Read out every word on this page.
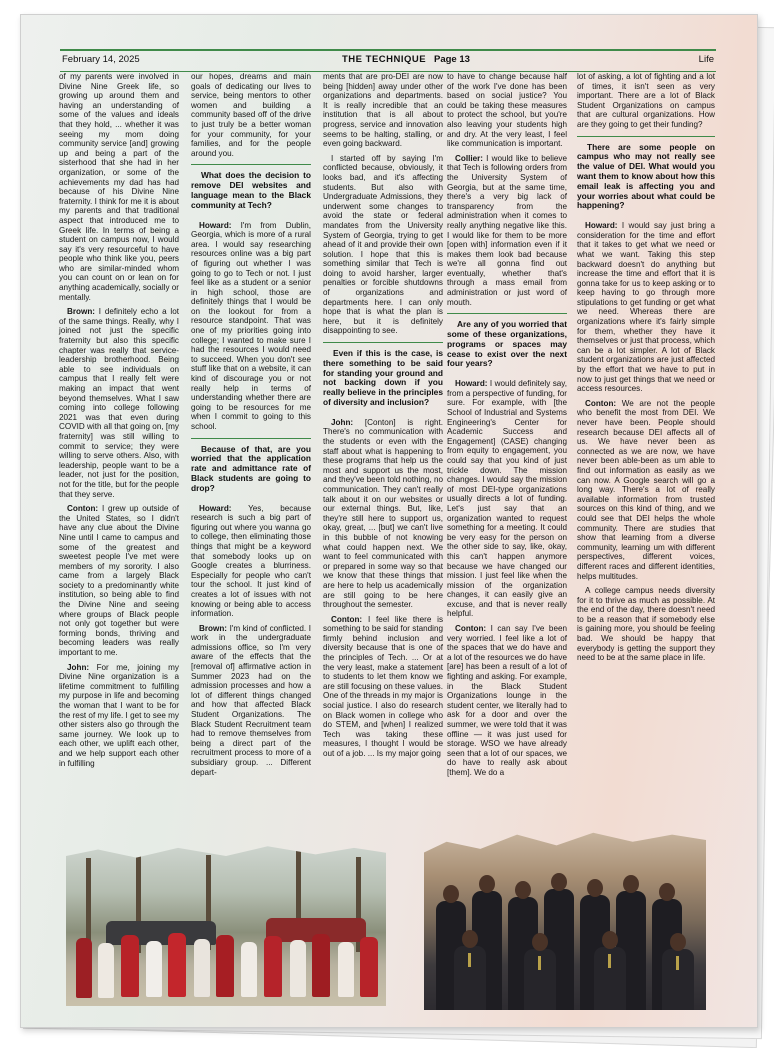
February 14, 2025	THE TECHNIQUE Page 13	Life

of my parents were involved in Divine Nine Greek life, so growing up around them and having an understanding of some of the values and ideals that they hold, ... whether it was seeing my mom doing community service [and] growing up and being a part of the sisterhood that she had in her organization, or some of the achievements my dad has had because of his Divine Nine fraternity. I think for me it is about my parents and that traditional aspect that introduced me to Greek life. In terms of being a student on campus now, I would say it's very resourceful to have people who think like you, peers who are similar-minded whom you can count on or lean on for anything academically, socially or mentally.

Brown: I definitely echo a lot of the same things. Really, why I joined not just the specific fraternity but also this specific chapter was really that service-leadership brotherhood. Being able to see individuals on campus that I really felt were making an impact that went beyond themselves. What I saw coming into college following 2021 was that even during COVID with all that going on, [my fraternity] was still willing to commit to service; they were willing to serve others. Also, with leadership, people want to be a leader, not just for the position, not for the title, but for the people that they serve.

Conton: I grew up outside of the United States, so I didn't have any clue about the Divine Nine until I came to campus and some of the greatest and sweetest people I've met were members of my sorority. I also came from a largely Black society to a predominantly white institution, so being able to find the Divine Nine and seeing where groups of Black people not only got together but were forming bonds, thriving and becoming leaders was really important to me.

John: For me, joining my Divine Nine organization is a lifetime commitment to fulfilling my purpose in life and becoming the woman that I want to be for the rest of my life. I get to see my other sisters also go through the same journey. We look up to each other, we uplift each other, and we help support each other in fulfilling

our hopes, dreams and main goals of dedicating our lives to service, being mentors to other women and building a community based off of the drive to just truly be a better woman for your community, for your families, and for the people around you.

What does the decision to remove DEI websites and language mean to the Black community at Tech?

Howard: I'm from Dublin, Georgia, which is more of a rural area. I would say researching resources online was a big part of figuring out whether I was going to go to Tech or not. I just feel like as a student or a senior in high school, those are definitely things that I would be on the lookout for from a resource standpoint. That was one of my priorities going into college; I wanted to make sure I had the resources I would need to succeed. When you don't see stuff like that on a website, it can kind of discourage you or not really help in terms of understanding whether there are going to be resources for me when I commit to going to this school.

Because of that, are you worried that the application rate and admittance rate of Black students are going to drop?

Howard: Yes, because research is such a big part of figuring out where you wanna go to college, then eliminating those things that might be a keyword that somebody looks up on Google creates a blurriness. Especially for people who can't tour the school. It just kind of creates a lot of issues with not knowing or being able to access information.

Brown: I'm kind of conflicted. I work in the undergraduate admissions office, so I'm very aware of the effects that the [removal of] affirmative action in Summer 2023 had on the admission processes and how a lot of different things changed and how that affected Black Student Organizations. The Black Student Recruitment team had to remove themselves from being a direct part of the recruitment process to more of a subsidiary group. ... Different depart-

ments that are pro-DEI are now being [hidden] away under other organizations and departments. It is really incredible that an institution that is all about progress, service and innovation seems to be halting, stalling, or even going backward.

I started off by saying I'm conflicted because, obviously, it looks bad, and it's affecting students. But also with Undergraduate Admissions, they underwent some changes to avoid the state or federal mandates from the University System of Georgia, trying to get ahead of it and provide their own solution. I hope that this is something similar that Tech is doing to avoid harsher, larger penalties or forcible shutdowns of organizations and departments here. I can only hope that is what the plan is here, but it is definitely disappointing to see.

Even if this is the case, is there something to be said for standing your ground and not backing down if you really believe in the principles of diversity and inclusion?

John: [Conton] is right. There's no communication with the students or even with the staff about what is happening to these programs that help us the most and support us the most, and they've been told nothing, no communication. They can't really talk about it on our websites or our external things. But, like, they're still here to support us, okay, great, ... [but] we can't live in this bubble of not knowing what could happen next. We want to feel communicated with or prepared in some way so that we know that these things that are here to help us academically are still going to be here throughout the semester.

Conton: I feel like there is something to be said for standing firmly behind inclusion and diversity because that is one of the principles of Tech. ... Or at the very least, make a statement to students to let them know we are still focusing on these values. One of the threads in my major is social justice. I also do research on Black women in college who do STEM, and [when] I realized Tech was taking these measures, I thought I would be out of a job. ... Is my major going

to have to change because half of the work I've done has been based on social justice? You could be taking these measures to protect the school, but you're also leaving your students high and dry. At the very least, I feel like communication is important.

Collier: I would like to believe that Tech is following orders from the University System of Georgia, but at the same time, there's a very big lack of transparency from the administration when it comes to really anything negative like this. I would like for them to be more [open with] information even if it makes them look bad because we're all gonna find out eventually, whether that's through a mass email from administration or just word of mouth.

Are any of you worried that some of these organizations, programs or spaces may cease to exist over the next four years?

Howard: I would definitely say, from a perspective of funding, for sure. For example, with [the School of Industrial and Systems Engineering's Center for Academic Success and Engagement] (CASE) changing from equity to engagement, you could say that you kind of just trickle down. The mission changes. I would say the mission of most DEI-type organizations usually directs a lot of funding. Let's just say that an organization wanted to request something for a meeting. It could be very easy for the person on the other side to say, like, okay, this can't happen anymore because we have changed our mission. I just feel like when the mission of the organization changes, it can easily give an excuse, and that is never really helpful.

Conton: I can say I've been very worried. I feel like a lot of the spaces that we do have and a lot of the resources we do have [are] has been a result of a lot of fighting and asking. For example, in the Black Student Organizations lounge in the student center, we literally had to ask for a door and over the summer, we were told that it was offline — it was just used for storage. WSO we have already seen that a lot of our spaces, we do have to really ask about [them]. We do a

lot of asking, a lot of fighting and a lot of times, it isn't seen as very important. There are a lot of Black Student Organizations on campus that are cultural organizations. How are they going to get their funding?

There are some people on campus who may not really see the value of DEI. What would you want them to know about how this email leak is affecting you and your worries about what could be happening?

Howard: I would say just bring a consideration for the time and effort that it takes to get what we need or what we want. Taking this step backward doesn't do anything but increase the time and effort that it is gonna take for us to keep asking or to keep having to go through more stipulations to get funding or get what we need. Whereas there are organizations where it's fairly simple for them, whether they have it themselves or just that process, which can be a lot simpler. A lot of Black student organizations are just affected by the effort that we have to put in now to just get things that we need or access resources.

Conton: We are not the people who benefit the most from DEI. We never have been. People should research because DEI affects all of us. We have never been as connected as we are now, we have never been able-been as um able to find out information as easily as we can now. A Google search will go a long way. There's a lot of really available information from trusted sources on this kind of thing, and we could see that DEI helps the whole community. There are studies that show that learning from a diverse community, learning um with different perspectives, different voices, different races and different identities, helps multitudes.

A college campus needs diversity for it to thrive as much as possible. At the end of the day, there doesn't need to be a reason that if somebody else is gaining more, you should be feeling bad. We should be happy that everybody is getting the support they need to be at the same place in life.
